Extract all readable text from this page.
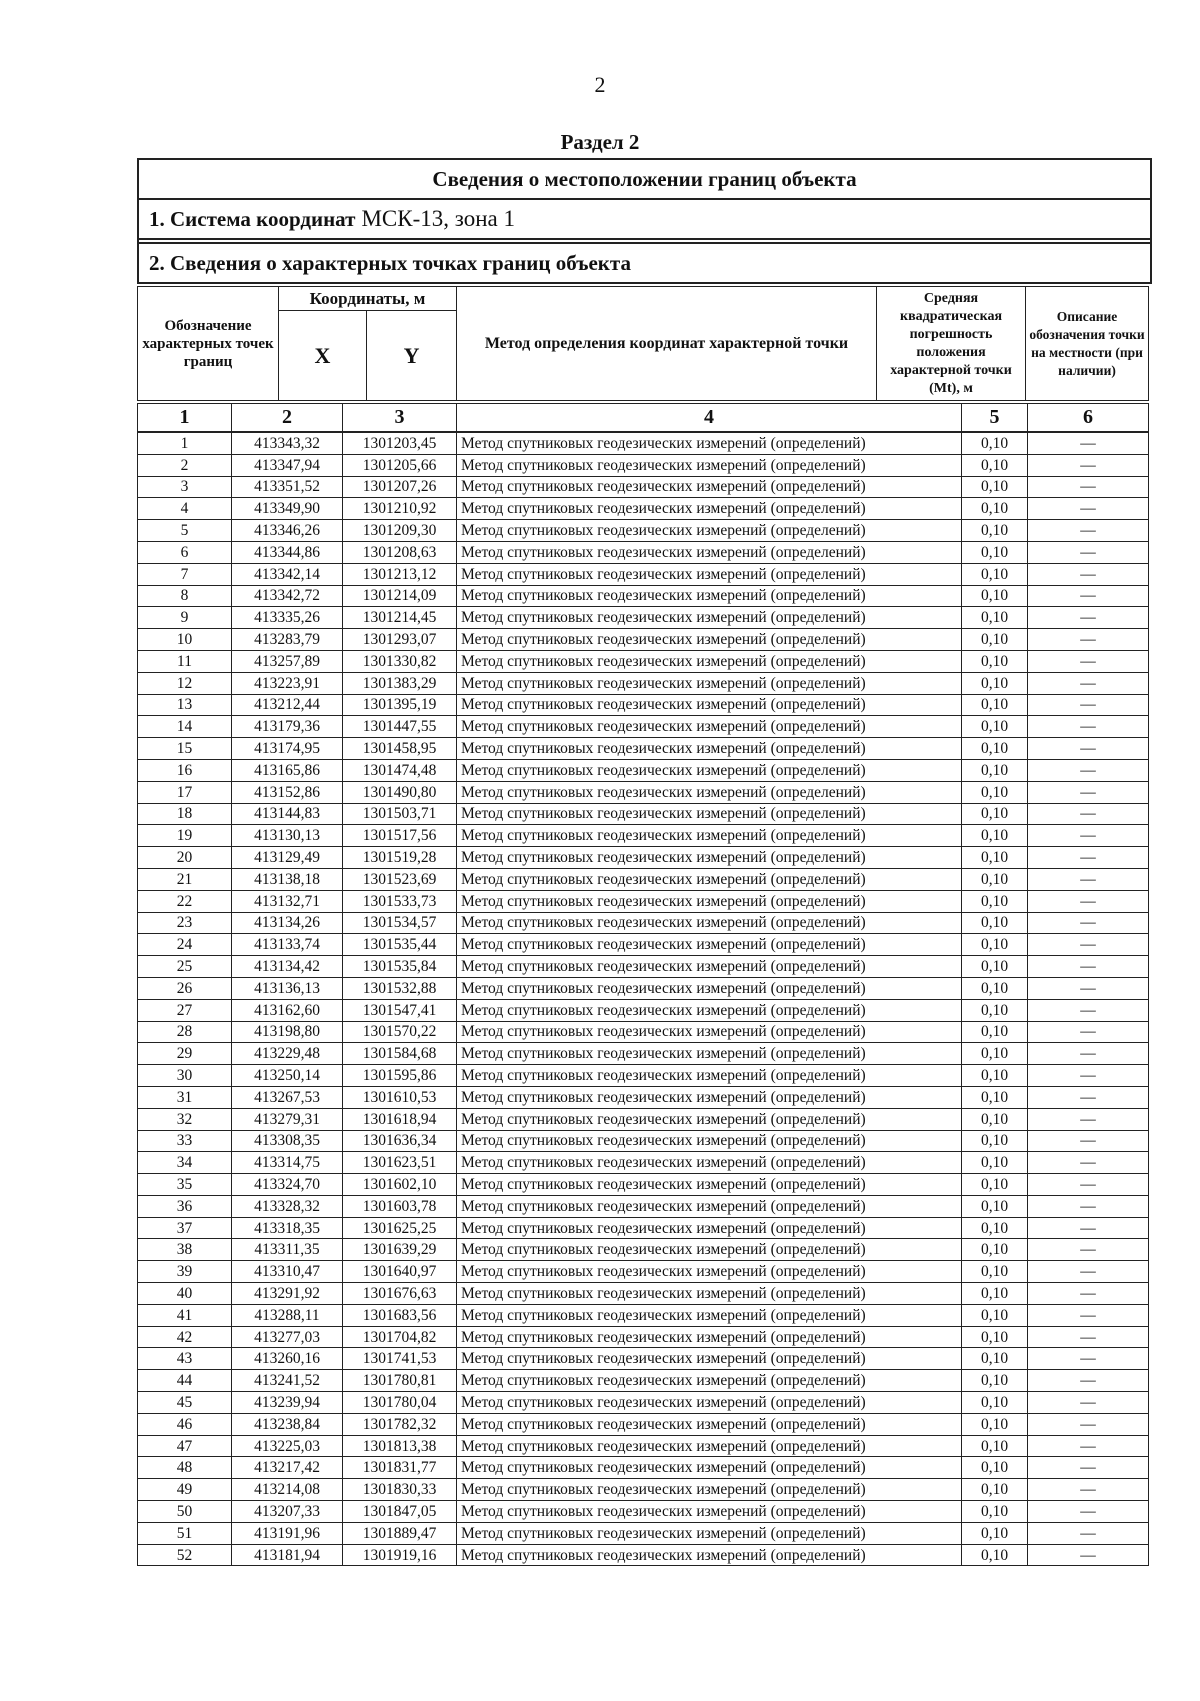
2
Раздел 2
Сведения о местоположении границ объекта
1. Система координат МСК-13, зона 1
2. Сведения о характерных точках границ объекта
Обозначение характерных точек границ	Координаты, м		Метод определения координат характерной точки	Средняя квадратическая погрешность положения характерной точки (Мt), м	Описание обозначения точки на местности (при наличии)
	X	Y			
1	2	3	4	5	6
1	413343,32	1301203,45	Метод спутниковых геодезических измерений (определений)	0,10	—
2	413347,94	1301205,66	Метод спутниковых геодезических измерений (определений)	0,10	—
3	413351,52	1301207,26	Метод спутниковых геодезических измерений (определений)	0,10	—
4	413349,90	1301210,92	Метод спутниковых геодезических измерений (определений)	0,10	—
5	413346,26	1301209,30	Метод спутниковых геодезических измерений (определений)	0,10	—
6	413344,86	1301208,63	Метод спутниковых геодезических измерений (определений)	0,10	—
7	413342,14	1301213,12	Метод спутниковых геодезических измерений (определений)	0,10	—
8	413342,72	1301214,09	Метод спутниковых геодезических измерений (определений)	0,10	—
9	413335,26	1301214,45	Метод спутниковых геодезических измерений (определений)	0,10	—
10	413283,79	1301293,07	Метод спутниковых геодезических измерений (определений)	0,10	—
11	413257,89	1301330,82	Метод спутниковых геодезических измерений (определений)	0,10	—
12	413223,91	1301383,29	Метод спутниковых геодезических измерений (определений)	0,10	—
13	413212,44	1301395,19	Метод спутниковых геодезических измерений (определений)	0,10	—
14	413179,36	1301447,55	Метод спутниковых геодезических измерений (определений)	0,10	—
15	413174,95	1301458,95	Метод спутниковых геодезических измерений (определений)	0,10	—
16	413165,86	1301474,48	Метод спутниковых геодезических измерений (определений)	0,10	—
17	413152,86	1301490,80	Метод спутниковых геодезических измерений (определений)	0,10	—
18	413144,83	1301503,71	Метод спутниковых геодезических измерений (определений)	0,10	—
19	413130,13	1301517,56	Метод спутниковых геодезических измерений (определений)	0,10	—
20	413129,49	1301519,28	Метод спутниковых геодезических измерений (определений)	0,10	—
21	413138,18	1301523,69	Метод спутниковых геодезических измерений (определений)	0,10	—
22	413132,71	1301533,73	Метод спутниковых геодезических измерений (определений)	0,10	—
23	413134,26	1301534,57	Метод спутниковых геодезических измерений (определений)	0,10	—
24	413133,74	1301535,44	Метод спутниковых геодезических измерений (определений)	0,10	—
25	413134,42	1301535,84	Метод спутниковых геодезических измерений (определений)	0,10	—
26	413136,13	1301532,88	Метод спутниковых геодезических измерений (определений)	0,10	—
27	413162,60	1301547,41	Метод спутниковых геодезических измерений (определений)	0,10	—
28	413198,80	1301570,22	Метод спутниковых геодезических измерений (определений)	0,10	—
29	413229,48	1301584,68	Метод спутниковых геодезических измерений (определений)	0,10	—
30	413250,14	1301595,86	Метод спутниковых геодезических измерений (определений)	0,10	—
31	413267,53	1301610,53	Метод спутниковых геодезических измерений (определений)	0,10	—
32	413279,31	1301618,94	Метод спутниковых геодезических измерений (определений)	0,10	—
33	413308,35	1301636,34	Метод спутниковых геодезических измерений (определений)	0,10	—
34	413314,75	1301623,51	Метод спутниковых геодезических измерений (определений)	0,10	—
35	413324,70	1301602,10	Метод спутниковых геодезических измерений (определений)	0,10	—
36	413328,32	1301603,78	Метод спутниковых геодезических измерений (определений)	0,10	—
37	413318,35	1301625,25	Метод спутниковых геодезических измерений (определений)	0,10	—
38	413311,35	1301639,29	Метод спутниковых геодезических измерений (определений)	0,10	—
39	413310,47	1301640,97	Метод спутниковых геодезических измерений (определений)	0,10	—
40	413291,92	1301676,63	Метод спутниковых геодезических измерений (определений)	0,10	—
41	413288,11	1301683,56	Метод спутниковых геодезических измерений (определений)	0,10	—
42	413277,03	1301704,82	Метод спутниковых геодезических измерений (определений)	0,10	—
43	413260,16	1301741,53	Метод спутниковых геодезических измерений (определений)	0,10	—
44	413241,52	1301780,81	Метод спутниковых геодезических измерений (определений)	0,10	—
45	413239,94	1301780,04	Метод спутниковых геодезических измерений (определений)	0,10	—
46	413238,84	1301782,32	Метод спутниковых геодезических измерений (определений)	0,10	—
47	413225,03	1301813,38	Метод спутниковых геодезических измерений (определений)	0,10	—
48	413217,42	1301831,77	Метод спутниковых геодезических измерений (определений)	0,10	—
49	413214,08	1301830,33	Метод спутниковых геодезических измерений (определений)	0,10	—
50	413207,33	1301847,05	Метод спутниковых геодезических измерений (определений)	0,10	—
51	413191,96	1301889,47	Метод спутниковых геодезических измерений (определений)	0,10	—
52	413181,94	1301919,16	Метод спутниковых геодезических измерений (определений)	0,10	—
